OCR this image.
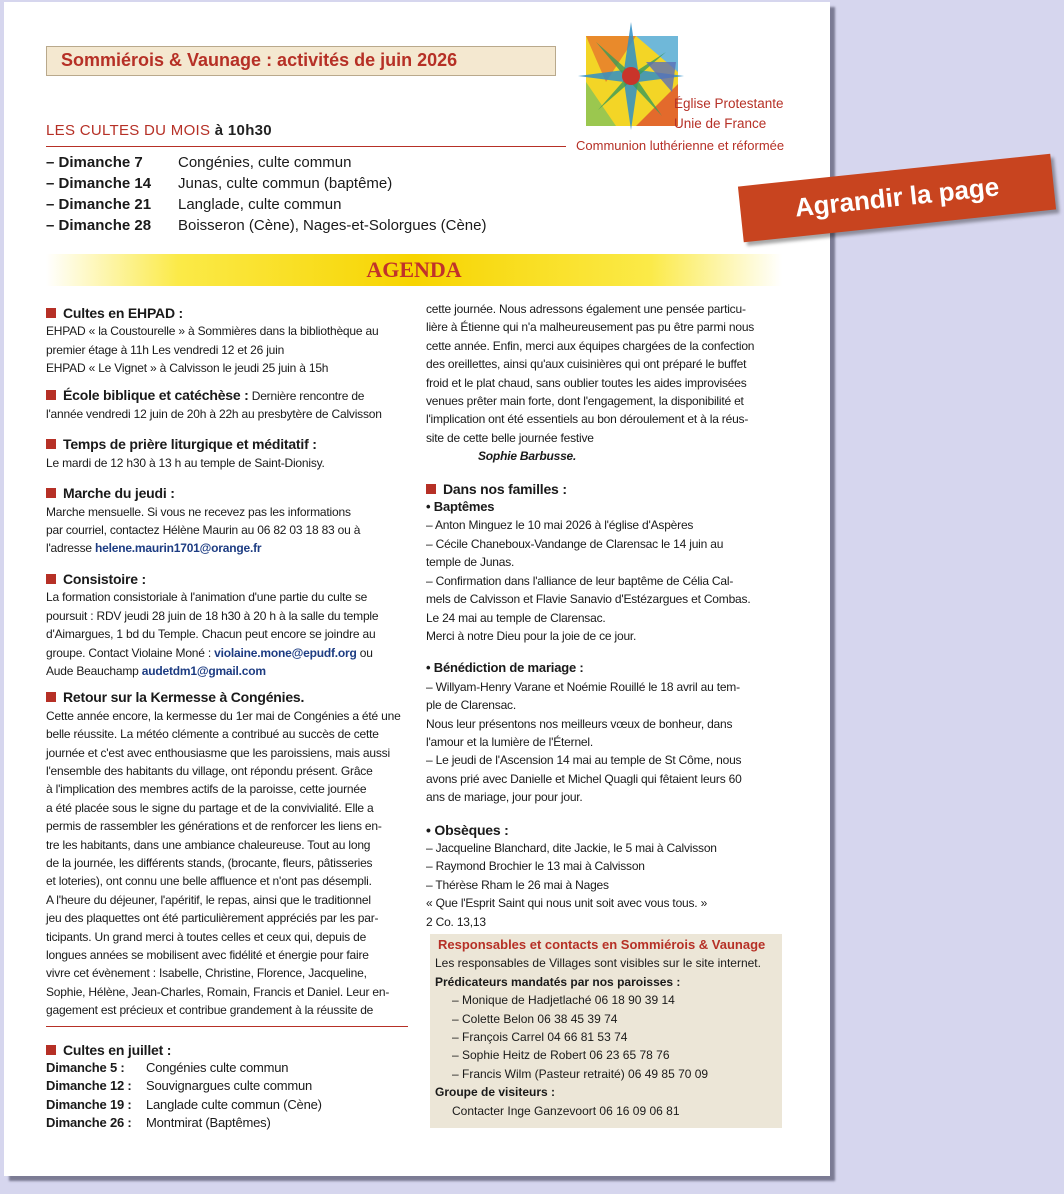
Sommiérois & Vaunage : activités de juin 2026
Église Protestante
Unie de France
Communion luthérienne et réformée
LES CULTES DU MOIS à 10h30
– Dimanche 7 Congénies, culte commun
– Dimanche 14 Junas, culte commun (baptême)
– Dimanche 21 Langlade, culte commun
– Dimanche 28 Boisseron (Cène), Nages-et-Solorgues (Cène)
Agrandir la page
AGENDA
Cultes en EHPAD :
EHPAD « la Coustourelle » à Sommières dans la bibliothèque au
premier étage à 11h Les vendredi 12 et 26 juin
EHPAD « Le Vignet » à Calvisson le jeudi 25 juin à 15h
École biblique et catéchèse : Dernière rencontre de
l'année vendredi 12 juin de 20h à 22h au presbytère de Calvisson
Temps de prière liturgique et méditatif :
Le mardi de 12 h30 à 13 h au temple de Saint-Dionisy.
Marche du jeudi :
Marche mensuelle. Si vous ne recevez pas les informations
par courriel, contactez Hélène Maurin au 06 82 03 18 83 ou à
l'adresse helene.maurin1701@orange.fr
Consistoire :
La formation consistoriale à l'animation d'une partie du culte se
poursuit : RDV jeudi 28 juin de 18 h30 à 20 h à la salle du temple
d'Aimargues, 1 bd du Temple. Chacun peut encore se joindre au
groupe. Contact Violaine Moné : violaine.mone@epudf.org ou
Aude Beauchamp audetdm1@gmail.com
Retour sur la Kermesse à Congénies.
Cette année encore, la kermesse du 1er mai de Congénies a été une
belle réussite. La météo clémente a contribué au succès de cette
journée et c'est avec enthousiasme que les paroissiens, mais aussi
l'ensemble des habitants du village, ont répondu présent. Grâce
à l'implication des membres actifs de la paroisse, cette journée
a été placée sous le signe du partage et de la convivialité. Elle a
permis de rassembler les générations et de renforcer les liens en-
tre les habitants, dans une ambiance chaleureuse. Tout au long
de la journée, les différents stands, (brocante, fleurs, pâtisseries
et loteries), ont connu une belle affluence et n'ont pas désempli.
A l'heure du déjeuner, l'apéritif, le repas, ainsi que le traditionnel
jeu des plaquettes ont été particulièrement appréciés par les par-
ticipants. Un grand merci à toutes celles et ceux qui, depuis de
longues années se mobilisent avec fidélité et énergie pour faire
vivre cet évènement : Isabelle, Christine, Florence, Jacqueline,
Sophie, Hélène, Jean-Charles, Romain, Francis et Daniel. Leur en-
gagement est précieux et contribue grandement à la réussite de
Cultes en juillet :
Dimanche 5 : Congénies culte commun
Dimanche 12 : Souvignargues culte commun
Dimanche 19 : Langlade culte commun (Cène)
Dimanche 26 : Montmirat (Baptêmes)
cette journée. Nous adressons également une pensée particu-
lière à Étienne qui n'a malheureusement pas pu être parmi nous
cette année. Enfin, merci aux équipes chargées de la confection
des oreillettes, ainsi qu'aux cuisinières qui ont préparé le buffet
froid et le plat chaud, sans oublier toutes les aides improvisées
venues prêter main forte, dont l'engagement, la disponibilité et
l'implication ont été essentiels au bon déroulement et à la réus-
site de cette belle journée festive
Sophie Barbusse.
Dans nos familles :
• Baptêmes
– Anton Minguez le 10 mai 2026 à l'église d'Aspères
– Cécile Chaneboux-Vandange de Clarensac le 14 juin au
temple de Junas.
– Confirmation dans l'alliance de leur baptême de Célia Cal-
mels de Calvisson et Flavie Sanavio d'Estézargues et Combas.
Le 24 mai au temple de Clarensac.
Merci à notre Dieu pour la joie de ce jour.
• Bénédiction de mariage :
– Willyam-Henry Varane et Noémie Rouillé le 18 avril au tem-
ple de Clarensac.
Nous leur présentons nos meilleurs vœux de bonheur, dans
l'amour et la lumière de l'Éternel.
– Le jeudi de l'Ascension 14 mai au temple de St Côme, nous
avons prié avec Danielle et Michel Quagli qui fêtaient leurs 60
ans de mariage, jour pour jour.
• Obsèques :
– Jacqueline Blanchard, dite Jackie, le 5 mai à Calvisson
– Raymond Brochier le 13 mai à Calvisson
– Thérèse Rham le 26 mai à Nages
« Que l'Esprit Saint qui nous unit soit avec vous tous. »
2 Co. 13,13
Responsables et contacts en Sommiérois & Vaunage
Les responsables de Villages sont visibles sur le site internet.
Prédicateurs mandatés par nos paroisses :
– Monique de Hadjetlaché 06 18 90 39 14
– Colette Belon 06 38 45 39 74
– François Carrel 04 66 81 53 74
– Sophie Heitz de Robert 06 23 65 78 76
– Francis Wilm (Pasteur retraité) 06 49 85 70 09
Groupe de visiteurs :
Contacter Inge Ganzevoort 06 16 09 06 81
